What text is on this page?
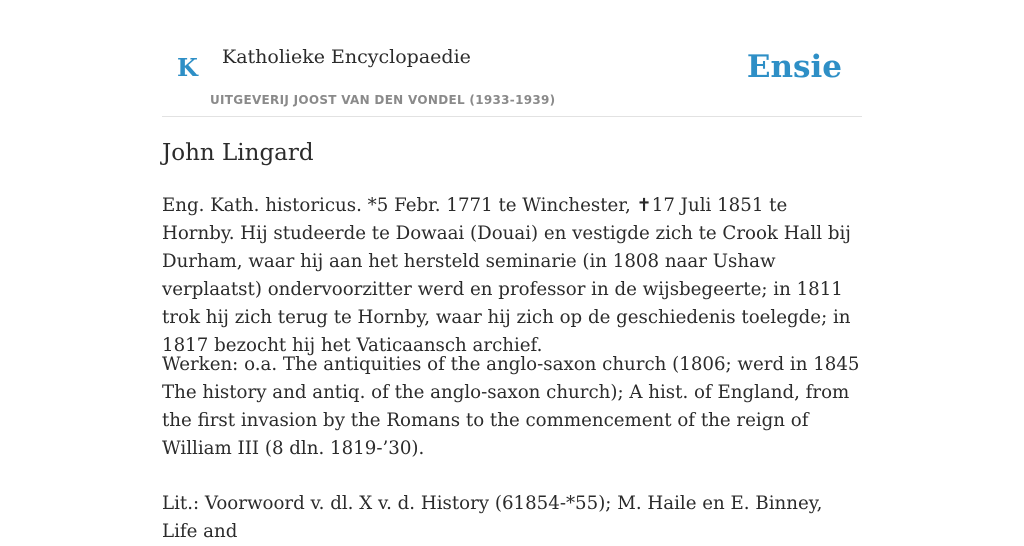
K Katholieke Encyclopaedie
UITGEVERIJ JOOST VAN DEN VONDEL (1933-1939)
Ensie
John Lingard

Eng. Kath. historicus. *5 Febr. 1771 te Winchester, ✝17 Juli 1851 te Hornby. Hij studeerde te Dowaai (Douai) en vestigde zich te Crook Hall bij Durham, waar hij aan het hersteld seminarie (in 1808 naar Ushaw verplaatst) ondervoorzitter werd en professor in de wijsbegeerte; in 1811 trok hij zich terug te Hornby, waar hij zich op de geschiedenis toelegde; in 1817 bezocht hij het Vaticaansch archief.

Werken: o.a. The antiquities of the anglo-saxon church (1806; werd in 1845 The history and antiq. of the anglo-saxon church); A hist. of England, from the first invasion by the Romans to the commencement of the reign of William III (8 dln. 1819-’30).

Lit.: Voorwoord v. dl. X v. d. History (61854-*55); M. Haile en E. Binney, Life and
